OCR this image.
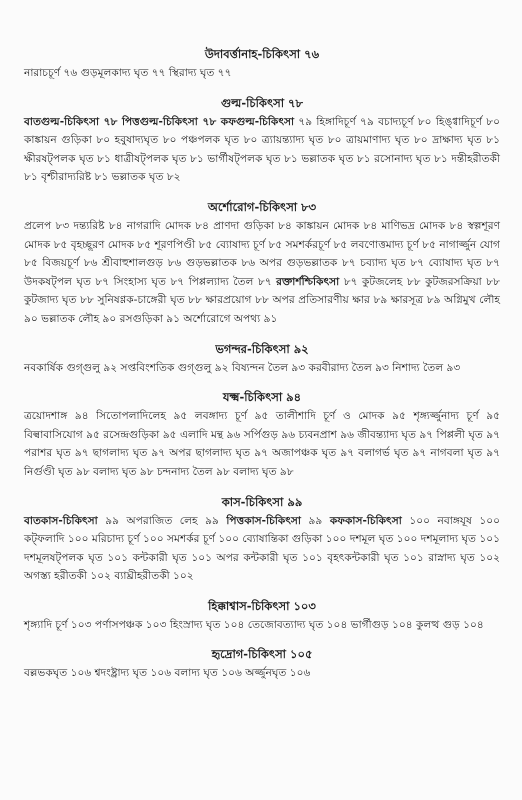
উদাবর্ত্তানাহ-চিকিৎসা ৭৬

নারাচচূর্ণ ৭৬ গুড়মূলকাদ্য ঘৃত ৭৭ স্থিরাদ্য ঘৃত ৭৭

গুল্ম-চিকিৎসা ৭৮

বাতগুল্ম-চিকিৎসা ৭৮ পিত্তগুল্ম-চিকিৎসা ৭৮ কফগুল্ম-চিকিৎসা ৭৯ হিঙ্গাদিচূর্ণ ৭৯ বচাদ্যচূর্ণ ৮০ হিঙ্গ্বাদিচূর্ণ ৮০ কাঙ্কায়ন গুড়িকা ৮০ হবুষাদ্যঘৃত ৮০ পঞ্চপলক ঘৃত ৮০ ত্র্যায়ন্ত্যাদ্য ঘৃত ৮০ ত্রায়মাণাদ্য ঘৃত ৮০ দ্রাক্ষাদ্য ঘৃত ৮১ ক্ষীরষট্পলক ঘৃত ৮১ ধাত্রীষট্পলক ঘৃত ৮১ ভার্গীষট্পলক ঘৃত ৮১ ভল্লাতক ঘৃত ৮১ রসোনাদ্য ঘৃত ৮১ দন্তীহরীতকী ৮১ বৃশ্চীরাদ্যরিষ্ট ৮১ ভল্লাতক ঘৃত ৮২

অর্শোরোগ-চিকিৎসা ৮৩

প্রলেপ ৮৩ দন্ত্যরিষ্ট ৮৪ নাগরাদি মোদক ৮৪ প্রাণদা গুড়িকা ৮৪ কাঙ্কায়ন মোদক ৮৪ মাণিভদ্র মোদক ৮৪ স্বল্পশূরণ মোদক ৮৫ বৃহচ্ছূরণ মোদক ৮৫ শূরণপিণ্ডী ৮৫ ব্যোষাদ্য চূর্ণ ৮৫ সমশর্করচূর্ণ ৮৫ লবণোত্তমাদ্য চূর্ণ ৮৫ নাগার্জ্জুন যোগ ৮৫ বিজয়চূর্ণ ৮৬ শ্রীবাহুশালগুড় ৮৬ গুড়ভল্লাতক ৮৬ অপর গুড়ভল্লাতক ৮৭ চব্যাদ্য ঘৃত ৮৭ ব্যোষাদ্য ঘৃত ৮৭ উদকষট্পল ঘৃত ৮৭ সিংহাস্য ঘৃত ৮৭ পিপ্পল্যাদ্য তৈল ৮৭ রক্তার্শশ্চিকিৎসা ৮৭ কুটজলেহ ৮৮ কুটজরসক্রিয়া ৮৮ কুটজাদ্য ঘৃত ৮৮ সুনিষণ্ণক-চাঙ্গেরী ঘৃত ৮৮ ক্ষারপ্রয়োগ ৮৮ অপর প্রতিসারণীয় ক্ষার ৮৯ ক্ষারসূত্র ৮৯ অগ্নিমুখ লৌহ ৯০ ভল্লাতক লৌহ ৯০ রসগুড়িকা ৯১ অর্শোরোগে অপথ্য ৯১

ভগন্দর-চিকিৎসা ৯২

নবকার্ষিক গুগ্গুলু ৯২ সপ্তবিংশতিক গুগ্গুলু ৯২ বিষ্যন্দন তৈল ৯৩ করবীরাদ্য তৈল ৯৩ নিশাদ্য তৈল ৯৩

যক্ষ্ম-চিকিৎসা ৯৪

ত্রয়োদশাঙ্গ ৯৪ সিতোপলাদিলেহ ৯৫ লবঙ্গাদ্য চূর্ণ ৯৫ তালীশাদি চূর্ণ ও মোদক ৯৫ শৃঙ্গ্যর্জ্জুনাদ্য চূর্ণ ৯৫ বিল্বাবাসিযোগ ৯৫ রসেন্দ্রগুড়িকা ৯৫ এলাদি মন্থ ৯৬ সর্পিগুড় ৯৬ চ্যবনপ্রাশ ৯৬ জীবন্ত্যাদ্য ঘৃত ৯৭ পিপ্পলী ঘৃত ৯৭ পরাশর ঘৃত ৯৭ ছাগলাদ্য ঘৃত ৯৭ অপর ছাগলাদ্য ঘৃত ৯৭ অজাপঞ্চক ঘৃত ৯৭ বলাগর্ভ ঘৃত ৯৭ নাগবলা ঘৃত ৯৭ নির্গুণ্ডী ঘৃত ৯৮ বলাদ্য ঘৃত ৯৮ চন্দনাদ্য তৈল ৯৮ বলাদ্য ঘৃত ৯৮

কাস-চিকিৎসা ৯৯

বাতকাস-চিকিৎসা ৯৯ অপরাজিত লেহ ৯৯ পিত্তকাস-চিকিৎসা ৯৯ কফকাস-চিকিৎসা ১০০ নবাঙ্গযূষ ১০০ কট্ফলাদি ১০০ মরিচাদ্য চূর্ণ ১০০ সমশর্কর চূর্ণ ১০০ ব্যোষান্তিকা গুড়িকা ১০০ দশমূল ঘৃত ১০০ দশমূলাদ্য ঘৃত ১০১ দশমূলষট্পলক ঘৃত ১০১ কন্টকারী ঘৃত ১০১ অপর কন্টকারী ঘৃত ১০১ বৃহৎকন্টকারী ঘৃত ১০১ রাস্নাদ্য ঘৃত ১০২ অগস্ত্য হরীতকী ১০২ ব্যাঘ্রীহরীতকী ১০২

হিক্কাশ্বাস-চিকিৎসা ১০৩

শৃঙ্গ্যাদি চূর্ণ ১০৩ পর্ণাসপঞ্চক ১০৩ হিংস্রাদ্য ঘৃত ১০৪ তেজোবত্যাদ্য ঘৃত ১০৪ ভার্গীগুড় ১০৪ কুলত্থ গুড় ১০৪

হৃদ্রোগ-চিকিৎসা ১০৫

বল্লভকঘৃত ১০৬ শ্বদংষ্ট্রাদ্য ঘৃত ১০৬ বলাদ্য ঘৃত ১০৬ অর্জ্জুনঘৃত ১০৬
